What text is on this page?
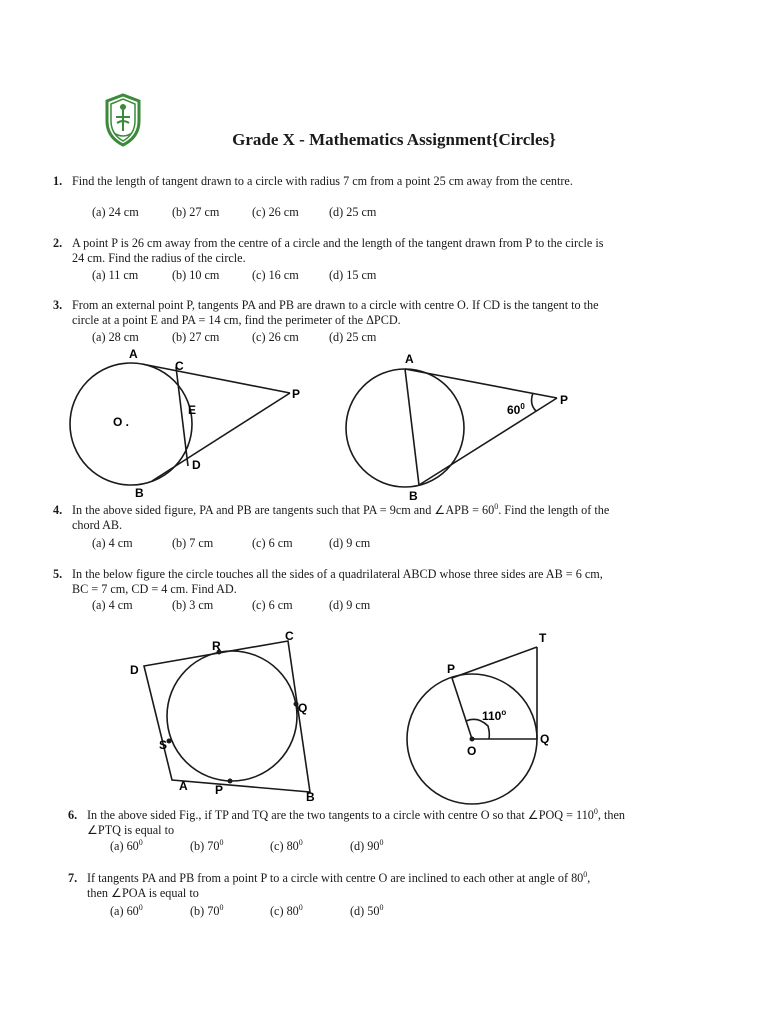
Grade X - Mathematics Assignment{Circles}
1. Find the length of tangent drawn to a circle with radius 7 cm from a point 25 cm away from the centre.
(a) 24 cm	(b) 27 cm	(c) 26 cm (d) 25 cm
2. A point P is 26 cm away from the centre of a circle and the length of the tangent drawn from P to the circle is 24 cm. Find the radius of the circle.
(a) 11 cm	(b) 10 cm	(c) 16 cm (d) 15 cm
3. From an external point P, tangents PA and PB are drawn to a circle with centre O. If CD is the tangent to the circle at a point E and PA = 14 cm, find the perimeter of the ΔPCD.
(a) 28 cm	(b) 27 cm	(c) 26 cm (d) 25 cm
A
C
P
O .
E
D
B
A
$60^0$	P
B
4. In the above sided figure, PA and PB are tangents such that PA = 9cm and ∠APB = $60^0$. Find the length of the chord AB.
(a) 4 cm	(b) 7 cm	(c) 6 cm	(d) 9 cm
5. In the below figure the circle touches all the sides of a quadrilateral ABCD whose three sides are AB = 6 cm, BC = 7 cm, CD = 4 cm. Find AD.
(a) 4 cm	(b) 3 cm	(c) 6 cm	(d) 9 cm
R
C
D
Q
S
A P	B
T
P
110$^o$
O
Q
6. In the above sided Fig., if TP and TQ are the two tangents to a circle with centre O so that ∠POQ = $110^0$, then ∠PTQ is equal to
(a) $60^0$	(b) $70^0$	(c) $80^0$	(d) $90^0$
7. If tangents PA and PB from a point P to a circle with centre O are inclined to each other at angle of $80^0$, then ∠POA is equal to
(a) $60^0$	(b) $70^0$	(c) $80^0$	(d) $50^0$
